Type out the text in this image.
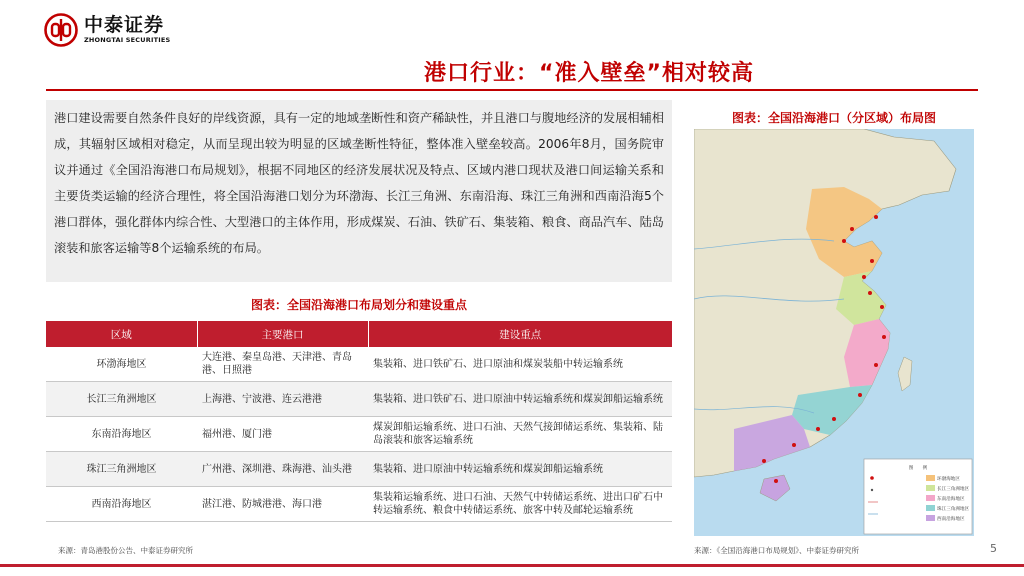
中泰证券
ZHONGTAI SECURITIES
港口行业：“准入壁垒”相对较高

港口建设需要自然条件良好的岸线资源，具有一定的地域垄断性和资产稀缺性，并且港口与腹地经济的发展相辅相成，其辐射区域相对稳定，从而呈现出较为明显的区域垄断性特征，整体准入壁垒较高。2006年8月，国务院审议并通过《全国沿海港口布局规划》，根据不同地区的经济发展状况及特点、区域内港口现状及港口间运输关系和主要货类运输的经济合理性，将全国沿海港口划分为环渤海、长江三角洲、东南沿海、珠江三角洲和西南沿海5个港口群体，强化群体内综合性、大型港口的主体作用，形成煤炭、石油、铁矿石、集装箱、粮食、商品汽车、陆岛滚装和旅客运输等8个运输系统的布局。

图表：全国沿海港口布局划分和建设重点
区域	主要港口	建设重点
环渤海地区	大连港、秦皇岛港、天津港、青岛港、日照港	集装箱、进口铁矿石、进口原油和煤炭装船中转运输系统
长江三角洲地区	上海港、宁波港、连云港港	集装箱、进口铁矿石、进口原油中转运输系统和煤炭卸船运输系统
东南沿海地区	福州港、厦门港	煤炭卸船运输系统、进口石油、天然气接卸储运系统、集装箱、陆岛滚装和旅客运输系统
珠江三角洲地区	广州港、深圳港、珠海港、汕头港	集装箱、进口原油中转运输系统和煤炭卸船运输系统
西南沿海地区	湛江港、防城港港、海口港	集装箱运输系统、进口石油、天然气中转储运系统、进出口矿石中转运输系统、粮食中转储运系统、旅客中转及邮轮运输系统
图表：全国沿海港口（分区域）布局图
图　　例
环渤海地区
长江三角洲地区
东南沿海地区
珠江三角洲地区
西南沿海地区
来源：青岛港股份公告、中泰证券研究所	来源：《全国沿海港口布局规划》、中泰证券研究所	5
